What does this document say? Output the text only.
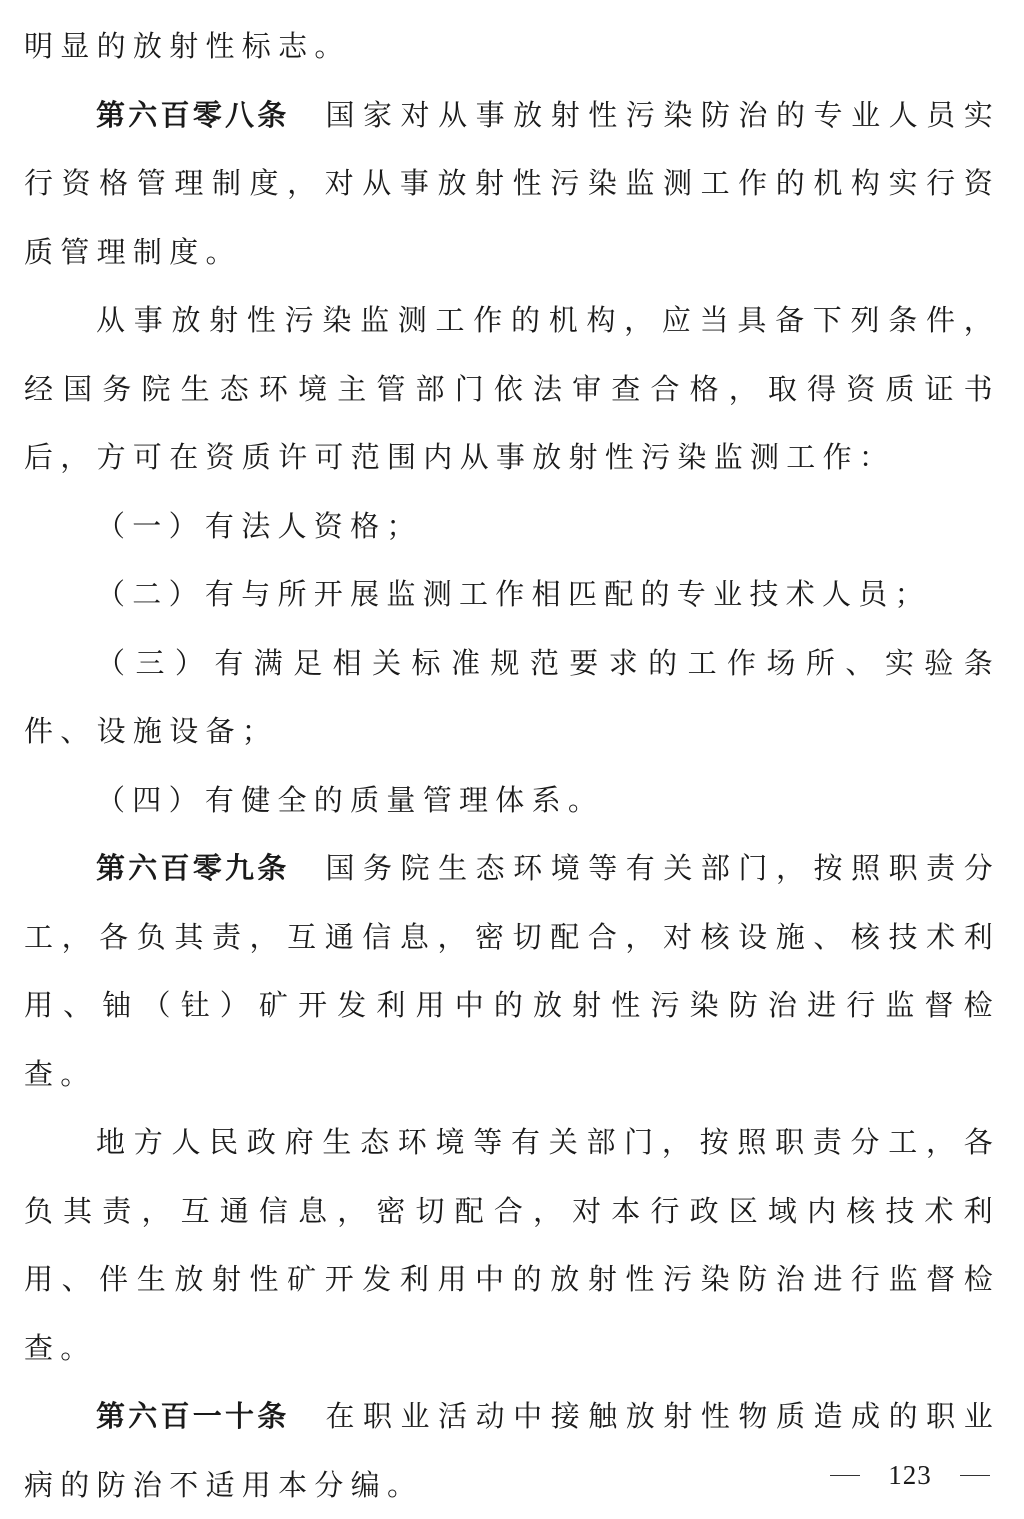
明显的放射性标志。

第六百零八条 国家对从事放射性污染防治的专业人员实行资格管理制度，对从事放射性污染监测工作的机构实行资质管理制度。

从事放射性污染监测工作的机构，应当具备下列条件，经国务院生态环境主管部门依法审查合格，取得资质证书后，方可在资质许可范围内从事放射性污染监测工作：

（一）有法人资格；

（二）有与所开展监测工作相匹配的专业技术人员；

（三）有满足相关标准规范要求的工作场所、实验条件、设施设备；

（四）有健全的质量管理体系。

第六百零九条 国务院生态环境等有关部门，按照职责分工，各负其责，互通信息，密切配合，对核设施、核技术利用、铀（钍）矿开发利用中的放射性污染防治进行监督检查。

地方人民政府生态环境等有关部门，按照职责分工，各负其责，互通信息，密切配合，对本行政区域内核技术利用、伴生放射性矿开发利用中的放射性污染防治进行监督检查。

第六百一十条 在职业活动中接触放射性物质造成的职业病的防治不适用本分编。	123
